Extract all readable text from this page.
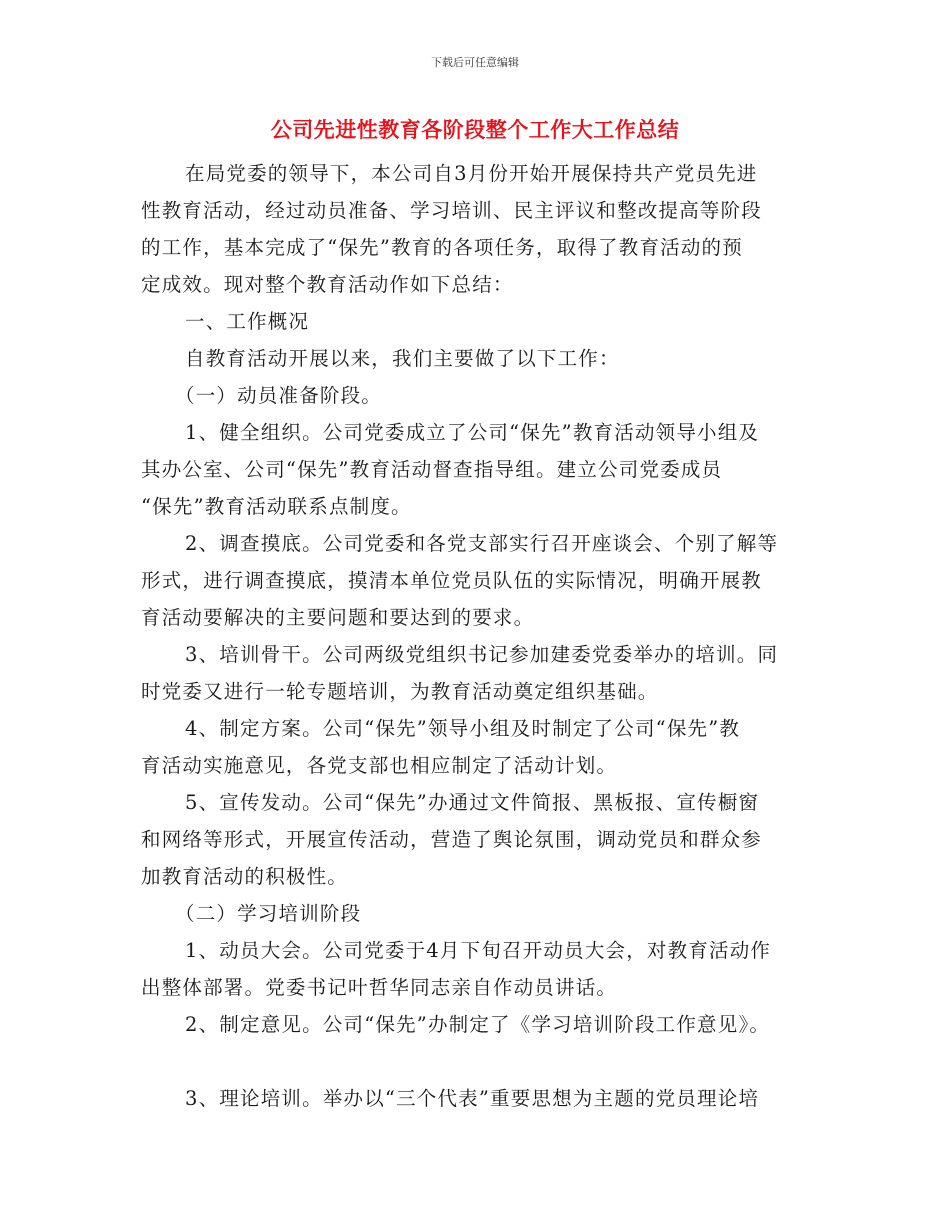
下载后可任意编辑
公司先进性教育各阶段整个工作大工作总结
在局党委的领导下，本公司自3月份开始开展保持共产党员先进
性教育活动，经过动员准备、学习培训、民主评议和整改提高等阶段
的工作，基本完成了“保先”教育的各项任务，取得了教育活动的预
定成效。现对整个教育活动作如下总结：
一、工作概况
自教育活动开展以来，我们主要做了以下工作：
（一）动员准备阶段。
1、健全组织。公司党委成立了公司“保先”教育活动领导小组及
其办公室、公司“保先”教育活动督查指导组。建立公司党委成员
“保先”教育活动联系点制度。
2、调查摸底。公司党委和各党支部实行召开座谈会、个别了解等
形式，进行调查摸底，摸清本单位党员队伍的实际情况，明确开展教
育活动要解决的主要问题和要达到的要求。
3、培训骨干。公司两级党组织书记参加建委党委举办的培训。同
时党委又进行一轮专题培训，为教育活动奠定组织基础。
4、制定方案。公司“保先”领导小组及时制定了公司“保先”教
育活动实施意见，各党支部也相应制定了活动计划。
5、宣传发动。公司“保先”办通过文件简报、黑板报、宣传橱窗
和网络等形式，开展宣传活动，营造了舆论氛围，调动党员和群众参
加教育活动的积极性。
（二）学习培训阶段
1、动员大会。公司党委于4月下旬召开动员大会，对教育活动作
出整体部署。党委书记叶哲华同志亲自作动员讲话。
2、制定意见。公司“保先”办制定了《学习培训阶段工作意见》。
3、理论培训。举办以“三个代表”重要思想为主题的党员理论培
